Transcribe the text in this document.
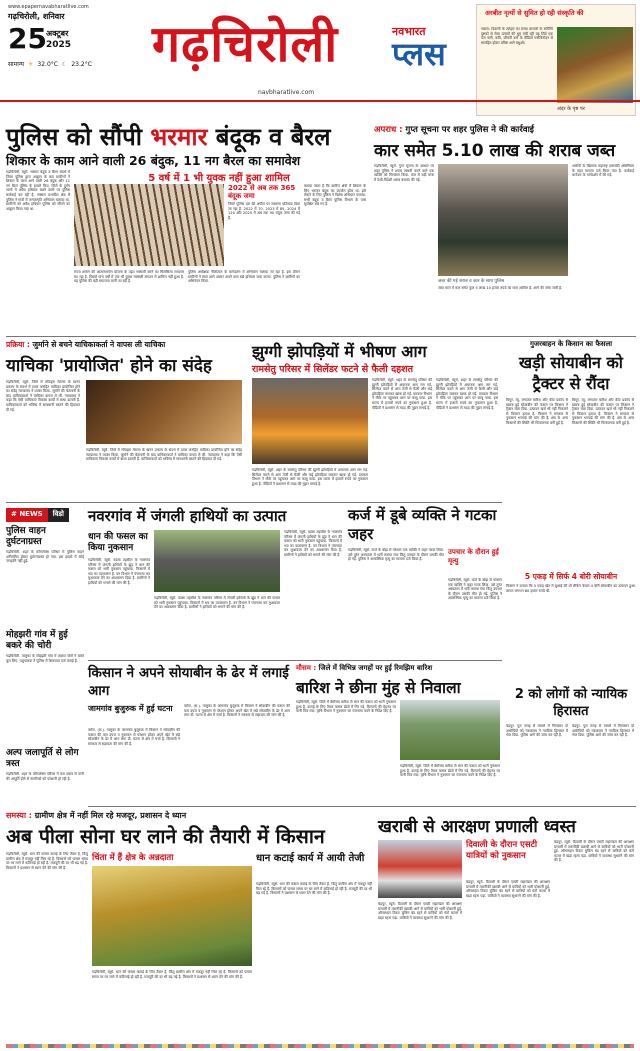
www.epapernavabharatlive.com
गढ़चिरोली, शनिवार
25 अक्टूबर
2025
सामान्य ☀ 32.0°C ☾ 23.2°C गढ़चिरोली	नवभारत
प्लस
navbharatlive.com
अरबीत नृत्यों से सुमित हो रही संस्कृति की
भंडारा: दिवाली के त्योहार का समय बाजारों के रूपिणि दृष्टको से मेला उत्सवों की धूम मची रही यह लिये एक पेज नारी, कवि, जीवनी उनों के वीडियो मनोविनोदन से समाहित होकर प्रविष्ट आगे बंधुओ।
अंदर के पृष्ठ पर
पुलिस को सौंपी भरमार बंदूक व बैरल
शिकार के काम आने वाली 26 बंदुक, 11 नग बैरल का समावेश
गढ़चिरोली, ब्यूरो. भरमार बंदूक व बैरल संदर्भ में जिला पुलिस द्वारा आह्वान के बाद ग्रामीणों ने शिकार के काम आने वाली 26 बंदुक और 11 नग बैरल पुलिस के हवाले किए. जिले के दुर्गम भागों में अवैध हथियार रखने वालों पर पुलिस कार्रवाई कर रही है. नक्सल प्रभावित क्षेत्र में पुलिस ने गांवों में जनजागृति अभियान चलाया था. ग्रामीणों को अवैध हथियार पुलिस को सौंपने का आह्वान किया गया था.
5 वर्ष में 1 भी युवक नहीं हुआ शामिल
2022 से अब तक 365 बंदूक जमा
जिला पुलिस दल की अपील पर सालाना प्रतिसाद दिया जा रहा है. 2022 में 70, 2023 में 85, 2024 में 120 और 2025 में अब तक 90 बंदूक जमा की गई हैं.
बताया जाता है कि ग्रामीण क्षेत्रों में शिकार के लिए भरमार बंदूक का उपयोग होता था. इसे रोकने के लिए पुलिस ने विशेष अभियान चलाया. सभी बंदूक व बैरल पुलिस विभाग के पास सुरक्षित रखे गए हैं.
राज्य शासन की आत्मसमर्पण योजना के तहत नक्सली बनने का सिलसिला लगातार घट रहा है. पिछले पांच वर्षों में एक भी युवक नक्सली संगठन में शामिल नहीं हुआ है. यह पुलिस की बड़ी सफलता मानी जा रही है.
पुलिस अधीक्षक नीलोत्पल के मार्गदर्शन में अभियान चलाया जा रहा है. इस दौरान ग्रामीणों ने स्वयं आगे आकर अपने पास रखे हथियार जमा कराए. पुलिस ने ग्रामीणों का अभिनंदन किया.
अपराध : गुप्त सूचना पर शहर पुलिस ने की कार्रवाई
कार समेत 5.10 लाख की शराब जब्त
गढ़चिरोली, ब्यूरो. गुप्त सूचना के आधार पर शहर पुलिस ने शराब तस्करी करने वाले एक व्यक्ति को गिरफ्तार किया. कार से बड़ी मात्रा में देशी-विदेशी शराब बरामद की गई.
जब्त की गई शराब व कार के साथ पुलिस
आरोपी के खिलाफ महाराष्ट्र दारूबंदी अधिनियम के तहत मामला दर्ज किया गया है. कार्रवाई थानेदार के मार्गदर्शन में की गई.
जब्त माल में कार समेत कुल 5 लाख 10 हजार रुपये का माल शामिल है. आगे की जांच जारी है.
प्रक्रिया : जुर्माने से बचने याचिकाकर्ता ने वापस ली याचिका
याचिका 'प्रायोजित' होने का संदेह
गढ़चिरोली, ब्यूरो. जिले में लॉयड्स मेटल्स के खनन प्रकल्प के संदर्भ में दायर जनहित याचिका प्रायोजित होने का संदेह न्यायालय ने व्यक्त किया. जुर्माने की चेतावनी के बाद याचिकाकर्ता ने याचिका वापस ले ली. न्यायालय ने कहा कि ऐसी याचिकाएं विकास कार्यों में बाधा डालती हैं. याचिकाकर्ता को भविष्य में सावधानी बरतने की हिदायत दी गई.
गढ़चिरोली, ब्यूरो. जिले में लॉयड्स मेटल्स के खनन प्रकल्प के संदर्भ में दायर जनहित याचिका प्रायोजित होने का संदेह न्यायालय ने व्यक्त किया. जुर्माने की चेतावनी के बाद याचिकाकर्ता ने याचिका वापस ले ली. न्यायालय ने कहा कि ऐसी याचिकाएं विकास कार्यों में बाधा डालती हैं. याचिकाकर्ता को भविष्य में सावधानी बरतने की हिदायत दी गई.
झुग्गी झोपड़ियों में भीषण आग
रामसेतु परिसर में सिलेंडर फटने से फैली दहशत
गढ़चिरोली, ब्यूरो. शहर के रामसेतु परिसर की झुग्गी झोपड़ियों में अचानक आग लग गई. सिलेंडर फटने से आग तेजी से फैली और कई झोपड़ियां जलकर खाक हो गईं. दमकल विभाग ने मौके पर पहुंचकर आग पर काबू पाया. इस घटना में हजारों रुपये का नुकसान हुआ है. पीड़ितों ने प्रशासन से मदद की गुहार लगाई है.
गढ़चिरोली, ब्यूरो. शहर के रामसेतु परिसर की झुग्गी झोपड़ियों में अचानक आग लग गई. सिलेंडर फटने से आग तेजी से फैली और कई झोपड़ियां जलकर खाक हो गईं. दमकल विभाग ने मौके पर पहुंचकर आग पर काबू पाया. इस घटना में हजारों रुपये का नुकसान हुआ है. पीड़ितों ने प्रशासन से मदद की गुहार लगाई है.
गढ़चिरोली, ब्यूरो. शहर के रामसेतु परिसर की झुग्गी झोपड़ियों में अचानक आग लग गई. सिलेंडर फटने से आग तेजी से फैली और कई झोपड़ियां जलकर खाक हो गईं. दमकल विभाग ने मौके पर पहुंचकर आग पर काबू पाया. इस घटना में हजारों रुपये का नुकसान हुआ है. पीड़ितों ने प्रशासन से मदद की गुहार लगाई है.
गुजरबाहन के किसान का फैसला
खड़ी सोयाबीन को ट्रैक्टर से रौंदा
चिमूर, ब्यू. लगातार बारिश और कीट प्रकोप से खराब हुई सोयाबीन की फसल पर किसान ने ट्रैक्टर चला दिया. उत्पादन खर्च भी नहीं निकलने से किसान हताश है. किसान ने सरकार से नुकसान भरपाई की मांग की है. क्षेत्र के अन्य किसानों की स्थिति भी चिंताजनक बनी हुई है.
चिमूर, ब्यू. लगातार बारिश और कीट प्रकोप से खराब हुई सोयाबीन की फसल पर किसान ने ट्रैक्टर चला दिया. उत्पादन खर्च भी नहीं निकलने से किसान हताश है. किसान ने सरकार से नुकसान भरपाई की मांग की है. क्षेत्र के अन्य किसानों की स्थिति भी चिंताजनक बनी हुई है.
5 एकड़ में सिर्फ 4 बोरी सोयाबीन
किसान ने बताया कि 5 एकड़ खेत में बुआई की थी लेकिन केवल 4 बोरी सोयाबीन का उत्पादन हुआ. लागत लगभग 80 हजार रुपये थी.
# NEWS	विडो
पुलिस वाहन दुर्घटनाग्रस्त
गढ़चिरोली. शहर के कॉम्प्लेक्स परिसर में पुलिस वाहन अनियंत्रित होकर दुर्घटनाग्रस्त हो गया. इस हादसे में कोई जनहानि नहीं हुई.
मोहझरी गांव में हुई बकरे की चोरी
गढ़चिरोली. तालुका के मोहझरी गांव में अज्ञात चोरों ने बकरे चुरा लिए. पशुपालक ने पुलिस में शिकायत दर्ज कराई है.
अल्प जलापूर्ति से लोग त्रस्त
गढ़चिरोली. शहर के कॉम्प्लेक्स परिसर में कम दबाव से पानी की आपूर्ति होने से नागरिकों को परेशानी हो रही है.
नवरगांव में जंगली हाथियों का उत्पात
धान की फसल का किया नुकसान
गढ़चिरोली, ब्यूरो. वडसा तहसील के नवरगांव परिसर में जंगली हाथियों के झुंड ने धान की फसल को भारी नुकसान पहुंचाया. किसानों में भय का वातावरण है. वन विभाग ने पंचनामा कर मुआवजा देने का आश्वासन दिया है. ग्रामीणों ने हाथियों को भगाने की मांग की है.
गढ़चिरोली, ब्यूरो. वडसा तहसील के नवरगांव परिसर में जंगली हाथियों के झुंड ने धान की फसल को भारी नुकसान पहुंचाया. किसानों में भय का वातावरण है. वन विभाग ने पंचनामा कर मुआवजा देने का आश्वासन दिया है. ग्रामीणों ने हाथियों को भगाने की मांग की है.
गढ़चिरोली, ब्यूरो. वडसा तहसील के नवरगांव परिसर में जंगली हाथियों के झुंड ने धान की फसल को भारी नुकसान पहुंचाया. किसानों में भय का वातावरण है. वन विभाग ने पंचनामा कर मुआवजा देने का आश्वासन दिया है. ग्रामीणों ने हाथियों को भगाने की मांग की है.
कर्ज में डूबे व्यक्ति ने गटका जहर
गढ़चिरोली, ब्यूरो. कर्ज के बोझ से परेशान एक व्यक्ति ने जहर गटक लिया. उसे तुरंत अस्पताल में भर्ती कराया गया किंतु उपचार के दौरान उसकी मौत हो गई. पुलिस ने आकस्मिक मृत्यु का मामला दर्ज किया है.
उपचार के दौरान हुई मृत्यु
गढ़चिरोली, ब्यूरो. कर्ज के बोझ से परेशान एक व्यक्ति ने जहर गटक लिया. उसे तुरंत अस्पताल में भर्ती कराया गया किंतु उपचार के दौरान उसकी मौत हो गई. पुलिस ने आकस्मिक मृत्यु का मामला दर्ज किया है.
किसान ने अपने सोयाबीन के ढेर में लगाई आग
जामगांव बुजुरुक में हुई घटना
वरोरा, (स.). तालुका के जामगांव बुजुरुक में किसान ने सोयाबीन की फसल की कम उपज व नुकसान से परेशान होकर अपने खेत में रखे सोयाबीन के ढेर में आग लगा दी. घटना से क्षेत्र में चर्चा है. किसानों ने सरकार से सहायता की मांग की है.
वरोरा, (स.). तालुका के जामगांव बुजुरुक में किसान ने सोयाबीन की फसल की कम उपज व नुकसान से परेशान होकर अपने खेत में रखे सोयाबीन के ढेर में आग लगा दी. घटना से क्षेत्र में चर्चा है. किसानों ने सरकार से सहायता की मांग की है.
मौसम : जिले में विभिन्न जगहों पर हुई रिमझिम बारिश
बारिश ने छीना मुंह से निवाला
गढ़चिरोली, ब्यूरो. जिले में बेमौसम बारिश से धान की फसल को भारी नुकसान हुआ है. कटाई के लिए तैयार फसल खेतों में गिर गई. किसानों की मेहनत पर पानी फिर गया. कृषि विभाग ने नुकसान का पंचनामा करने के निर्देश दिए हैं.
गढ़चिरोली, ब्यूरो. जिले में बेमौसम बारिश से धान की फसल को भारी नुकसान हुआ है. कटाई के लिए तैयार फसल खेतों में गिर गई. किसानों की मेहनत पर पानी फिर गया. कृषि विभाग ने नुकसान का पंचनामा करने के निर्देश दिए हैं.
2 को लोगों को न्यायिक हिरासत
चंद्रपुर. पुरा जगह से मामले में गिरफ्तार दो आरोपियों को न्यायालय ने न्यायिक हिरासत में भेज दिया. पुलिस आगे की जांच कर रही है.
चंद्रपुर. पुरा जगह से मामले में गिरफ्तार दो आरोपियों को न्यायालय ने न्यायिक हिरासत में भेज दिया. पुलिस आगे की जांच कर रही है.
समस्या : ग्रामीण क्षेत्र में नहीं मिल रहे मजदूर, प्रशासन दे ध्यान
अब पीला सोना घर लाने की तैयारी में किसान
गढ़चिरोली, ब्यूरो. धान की फसल कटाई के लिए तैयार है, किंतु ग्रामीण क्षेत्र में मजदूर नहीं मिल रहे हैं. किसानों को फसल समय पर घर लाने में कठिनाई हो रही है. मजदूरी की दर भी बढ़ गई है. किसानों ने प्रशासन से ध्यान देने की मांग की है.
चिंता में हैं क्षेत्र के अन्नदाता
गढ़चिरोली, ब्यूरो. धान की फसल कटाई के लिए तैयार है, किंतु ग्रामीण क्षेत्र में मजदूर नहीं मिल रहे हैं. किसानों को फसल समय पर घर लाने में कठिनाई हो रही है. मजदूरी की दर भी बढ़ गई है. किसानों ने प्रशासन से ध्यान देने की मांग की है.
धान कटाई कार्य में आयी तेजी
गढ़चिरोली, ब्यूरो. धान की फसल कटाई के लिए तैयार है, किंतु ग्रामीण क्षेत्र में मजदूर नहीं मिल रहे हैं. किसानों को फसल समय पर घर लाने में कठिनाई हो रही है. मजदूरी की दर भी बढ़ गई है. किसानों ने प्रशासन से ध्यान देने की मांग की है.
खराबी से आरक्षण प्रणाली ध्वस्त
दिवाली के दौरान एसटी यात्रियों को नुकसान
चंद्रपुर, ब्यूरो. दिवाली के दौरान एसटी महामंडल की आरक्षण प्रणाली में तकनीकी खराबी आने से यात्रियों को भारी परेशानी हुई. ऑनलाइन टिकट बुकिंग बंद रहने से यात्रियों को घंटों कतार में खड़ा रहना पड़ा. यात्रियों ने व्यवस्था सुधारने की मांग की है.
चंद्रपुर, ब्यूरो. दिवाली के दौरान एसटी महामंडल की आरक्षण प्रणाली में तकनीकी खराबी आने से यात्रियों को भारी परेशानी हुई. ऑनलाइन टिकट बुकिंग बंद रहने से यात्रियों को घंटों कतार में खड़ा रहना पड़ा. यात्रियों ने व्यवस्था सुधारने की मांग की है.
चंद्रपुर, ब्यूरो. दिवाली के दौरान एसटी महामंडल की आरक्षण प्रणाली में तकनीकी खराबी आने से यात्रियों को भारी परेशानी हुई. ऑनलाइन टिकट बुकिंग बंद रहने से यात्रियों को घंटों कतार में खड़ा रहना पड़ा. यात्रियों ने व्यवस्था सुधारने की मांग की है.
